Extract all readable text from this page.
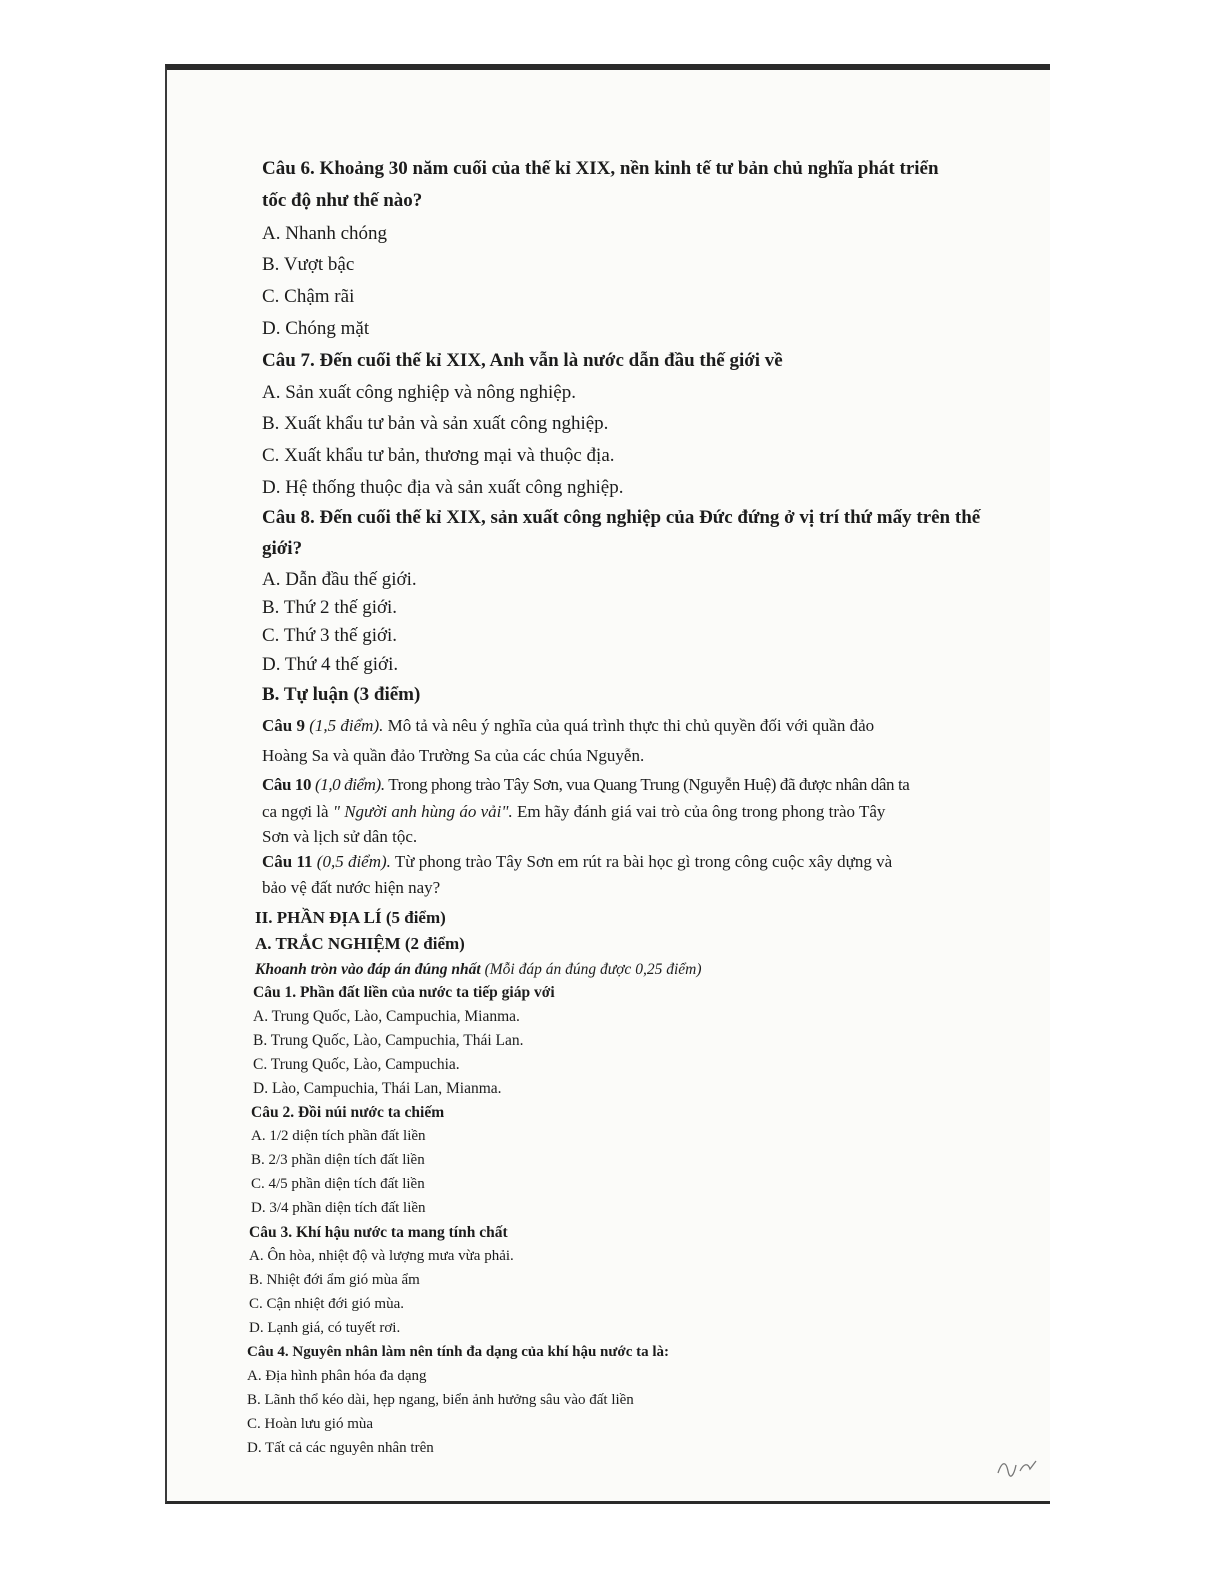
Câu 6. Khoảng 30 năm cuối của thế kỉ XIX, nền kinh tế tư bản chủ nghĩa phát triển
tốc độ như thế nào?
A. Nhanh chóng
B. Vượt bậc
C. Chậm rãi
D. Chóng mặt
Câu 7. Đến cuối thế kỉ XIX, Anh vẫn là nước dẫn đầu thế giới về
A. Sản xuất công nghiệp và nông nghiệp.
B. Xuất khẩu tư bản và sản xuất công nghiệp.
C. Xuất khẩu tư bản, thương mại và thuộc địa.
D. Hệ thống thuộc địa và sản xuất công nghiệp.
Câu 8. Đến cuối thế kỉ XIX, sản xuất công nghiệp của Đức đứng ở vị trí thứ mấy trên thế
giới?
A. Dẫn đầu thế giới.
B. Thứ 2 thế giới.
C. Thứ 3 thế giới.
D. Thứ 4 thế giới.
B. Tự luận (3 điểm)
Câu 9 (1,5 điểm). Mô tả và nêu ý nghĩa của quá trình thực thi chủ quyền đối với quần đảo
Hoàng Sa và quần đảo Trường Sa của các chúa Nguyễn.
Câu 10 (1,0 điểm). Trong phong trào Tây Sơn, vua Quang Trung (Nguyễn Huệ) đã được nhân dân ta
ca ngợi là " Người anh hùng áo vải". Em hãy đánh giá vai trò của ông trong phong trào Tây
Sơn và lịch sử dân tộc.
Câu 11 (0,5 điểm). Từ phong trào Tây Sơn em rút ra bài học gì trong công cuộc xây dựng và
bảo vệ đất nước hiện nay?
II. PHẦN ĐỊA LÍ (5 điểm)
A. TRẮC NGHIỆM (2 điểm)
Khoanh tròn vào đáp án đúng nhất (Mỗi đáp án đúng được 0,25 điểm)
Câu 1. Phần đất liền của nước ta tiếp giáp với
A. Trung Quốc, Lào, Campuchia, Mianma.
B. Trung Quốc, Lào, Campuchia, Thái Lan.
C. Trung Quốc, Lào, Campuchia.
D. Lào, Campuchia, Thái Lan, Mianma.
Câu 2. Đồi núi nước ta chiếm
A. 1/2 diện tích phần đất liền
B. 2/3 phần diện tích đất liền
C. 4/5 phần diện tích đất liền
D. 3/4 phần diện tích đất liền
Câu 3. Khí hậu nước ta mang tính chất
A. Ôn hòa, nhiệt độ và lượng mưa vừa phải.
B. Nhiệt đới ẩm gió mùa ẩm
C. Cận nhiệt đới gió mùa.
D. Lạnh giá, có tuyết rơi.
Câu 4. Nguyên nhân làm nên tính đa dạng của khí hậu nước ta là:
A. Địa hình phân hóa đa dạng
B. Lãnh thổ kéo dài, hẹp ngang, biển ảnh hưởng sâu vào đất liền
C. Hoàn lưu gió mùa
D. Tất cả các nguyên nhân trên
